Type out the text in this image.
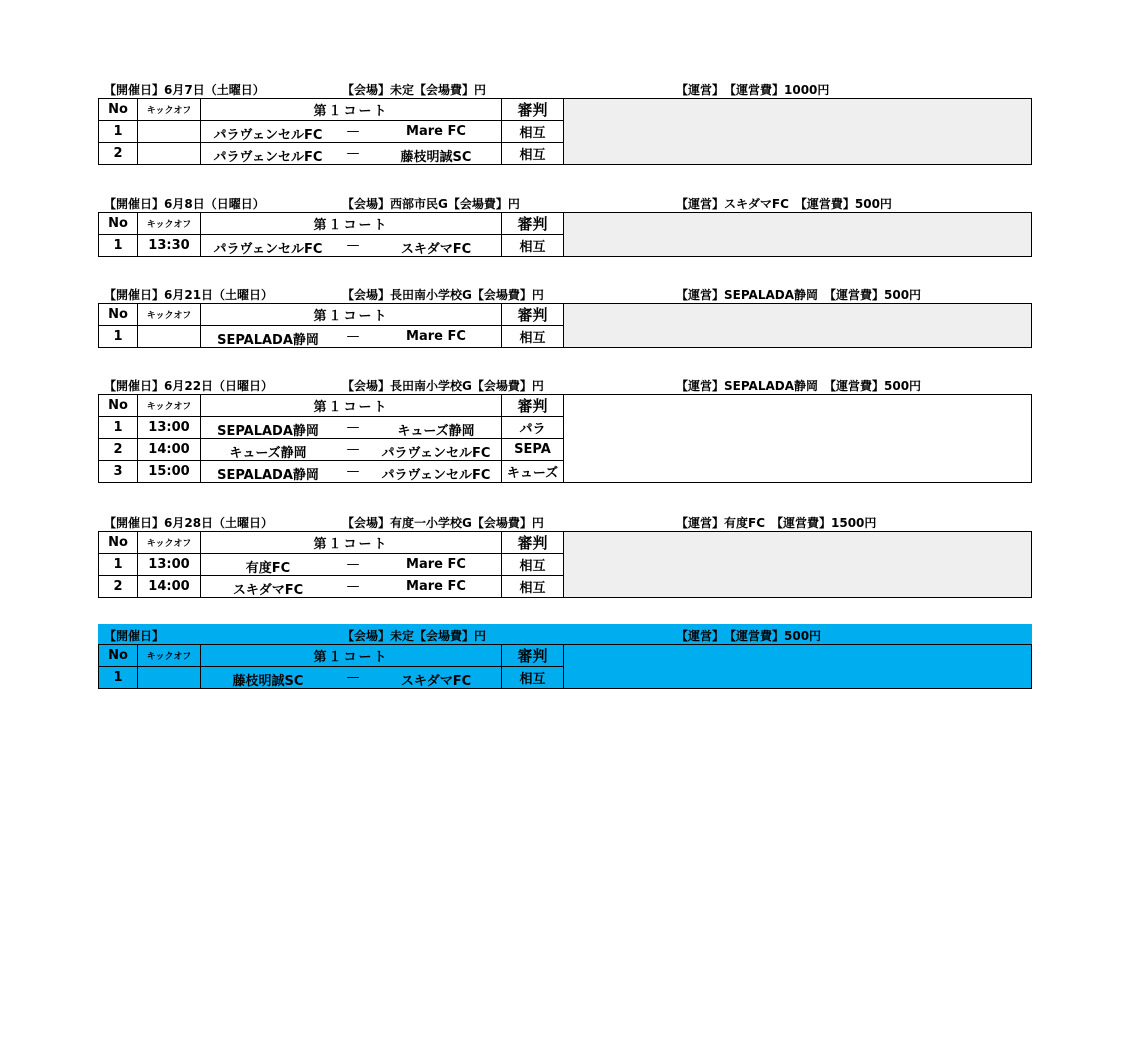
【開催日】6月7日（土曜日）	【会場】未定【会場費】円	【運営】　【運営費】1000円
No	キックオフ	第１コート	審判	
1		パラヴェンセルFC — Mare FC	相互	
2		パラヴェンセルFC — 藤枝明誠SC	相互	
【開催日】6月8日（日曜日）	【会場】西部市民G【会場費】円	【運営】スキダマFC　【運営費】500円
No	キックオフ	第１コート	審判	
1	13:30	パラヴェンセルFC — スキダマFC	相互	
【開催日】6月21日（土曜日）	【会場】長田南小学校G【会場費】円	【運営】SEPALADA静岡　【運営費】500円
No	キックオフ	第１コート	審判	
1		SEPALADA静岡 — Mare FC	相互	
【開催日】6月22日（日曜日）	【会場】長田南小学校G【会場費】円	【運営】SEPALADA静岡　【運営費】500円
No	キックオフ	第１コート	審判	
1	13:00	SEPALADA静岡 — キューズ静岡	パラ	
2	14:00	キューズ静岡 — パラヴェンセルFC	SEPA	
3	15:00	SEPALADA静岡 — パラヴェンセルFC	キューズ	
【開催日】6月28日（土曜日）	【会場】有度一小学校G【会場費】円	【運営】有度FC　【運営費】1500円
No	キックオフ	第１コート	審判	
1	13:00	有度FC — Mare FC	相互	
2	14:00	スキダマFC — Mare FC	相互	
【開催日】	【会場】未定【会場費】円	【運営】　【運営費】500円
No	キックオフ	第１コート	審判	
1		藤枝明誠SC — スキダマFC	相互	
